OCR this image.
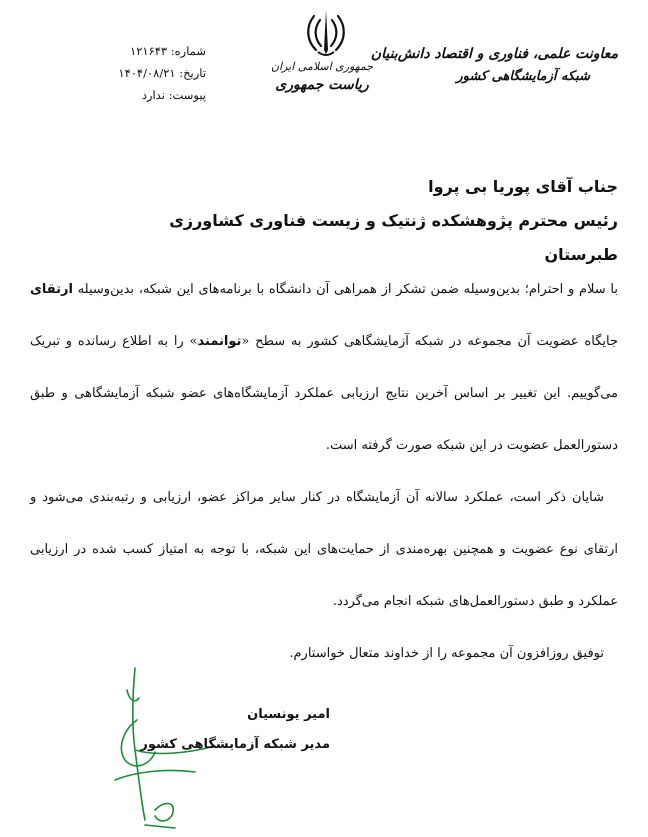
شماره: ۱۲۱۶۴۳
تاریخ: ۱۴۰۴/۰۸/۲۱
پیوست: ندارد
جمهوری اسلامی ایران
ریاست جمهوری
معاونت علمی، فناوری و اقتصاد دانش‌بنیان
شبکه آزمایشگاهی کشور
جناب آقای پوریا بی پروا
رئیس محترم پژوهشکده ژنتیک و زیست فناوری کشاورزی طبرستان

با سلام و احترام؛ بدین‌وسیله ضمن تشکر از همراهی آن دانشگاه با برنامه‌های این شبکه، بدین‌وسیله ارتقای جایگاه عضویت آن مجموعه در شبکه آزمایشگاهی کشور به سطح «توانمند» را به اطلاع رسانده و تبریک می‌گوییم. این تغییر بر اساس آخرین نتایج ارزیابی عملکرد آزمایشگاه‌های عضو شبکه آزمایشگاهی و طبق دستورالعمل عضویت در این شبکه صورت گرفته است.

شایان ذکر است، عملکرد سالانه آن آزمایشگاه در کنار سایر مراکز عضو، ارزیابی و رتبه‌بندی می‌شود و ارتقای نوع عضویت و همچنین بهره‌مندی از حمایت‌های این شبکه، با توجه به امتیاز کسب شده در ارزیابی عملکرد و طبق دستورالعمل‌های شبکه انجام می‌گردد.

توفیق روزافزون آن مجموعه را از خداوند متعال خواستارم.

امیر یونسیان
مدیر شبکه آزمایشگاهی کشور
